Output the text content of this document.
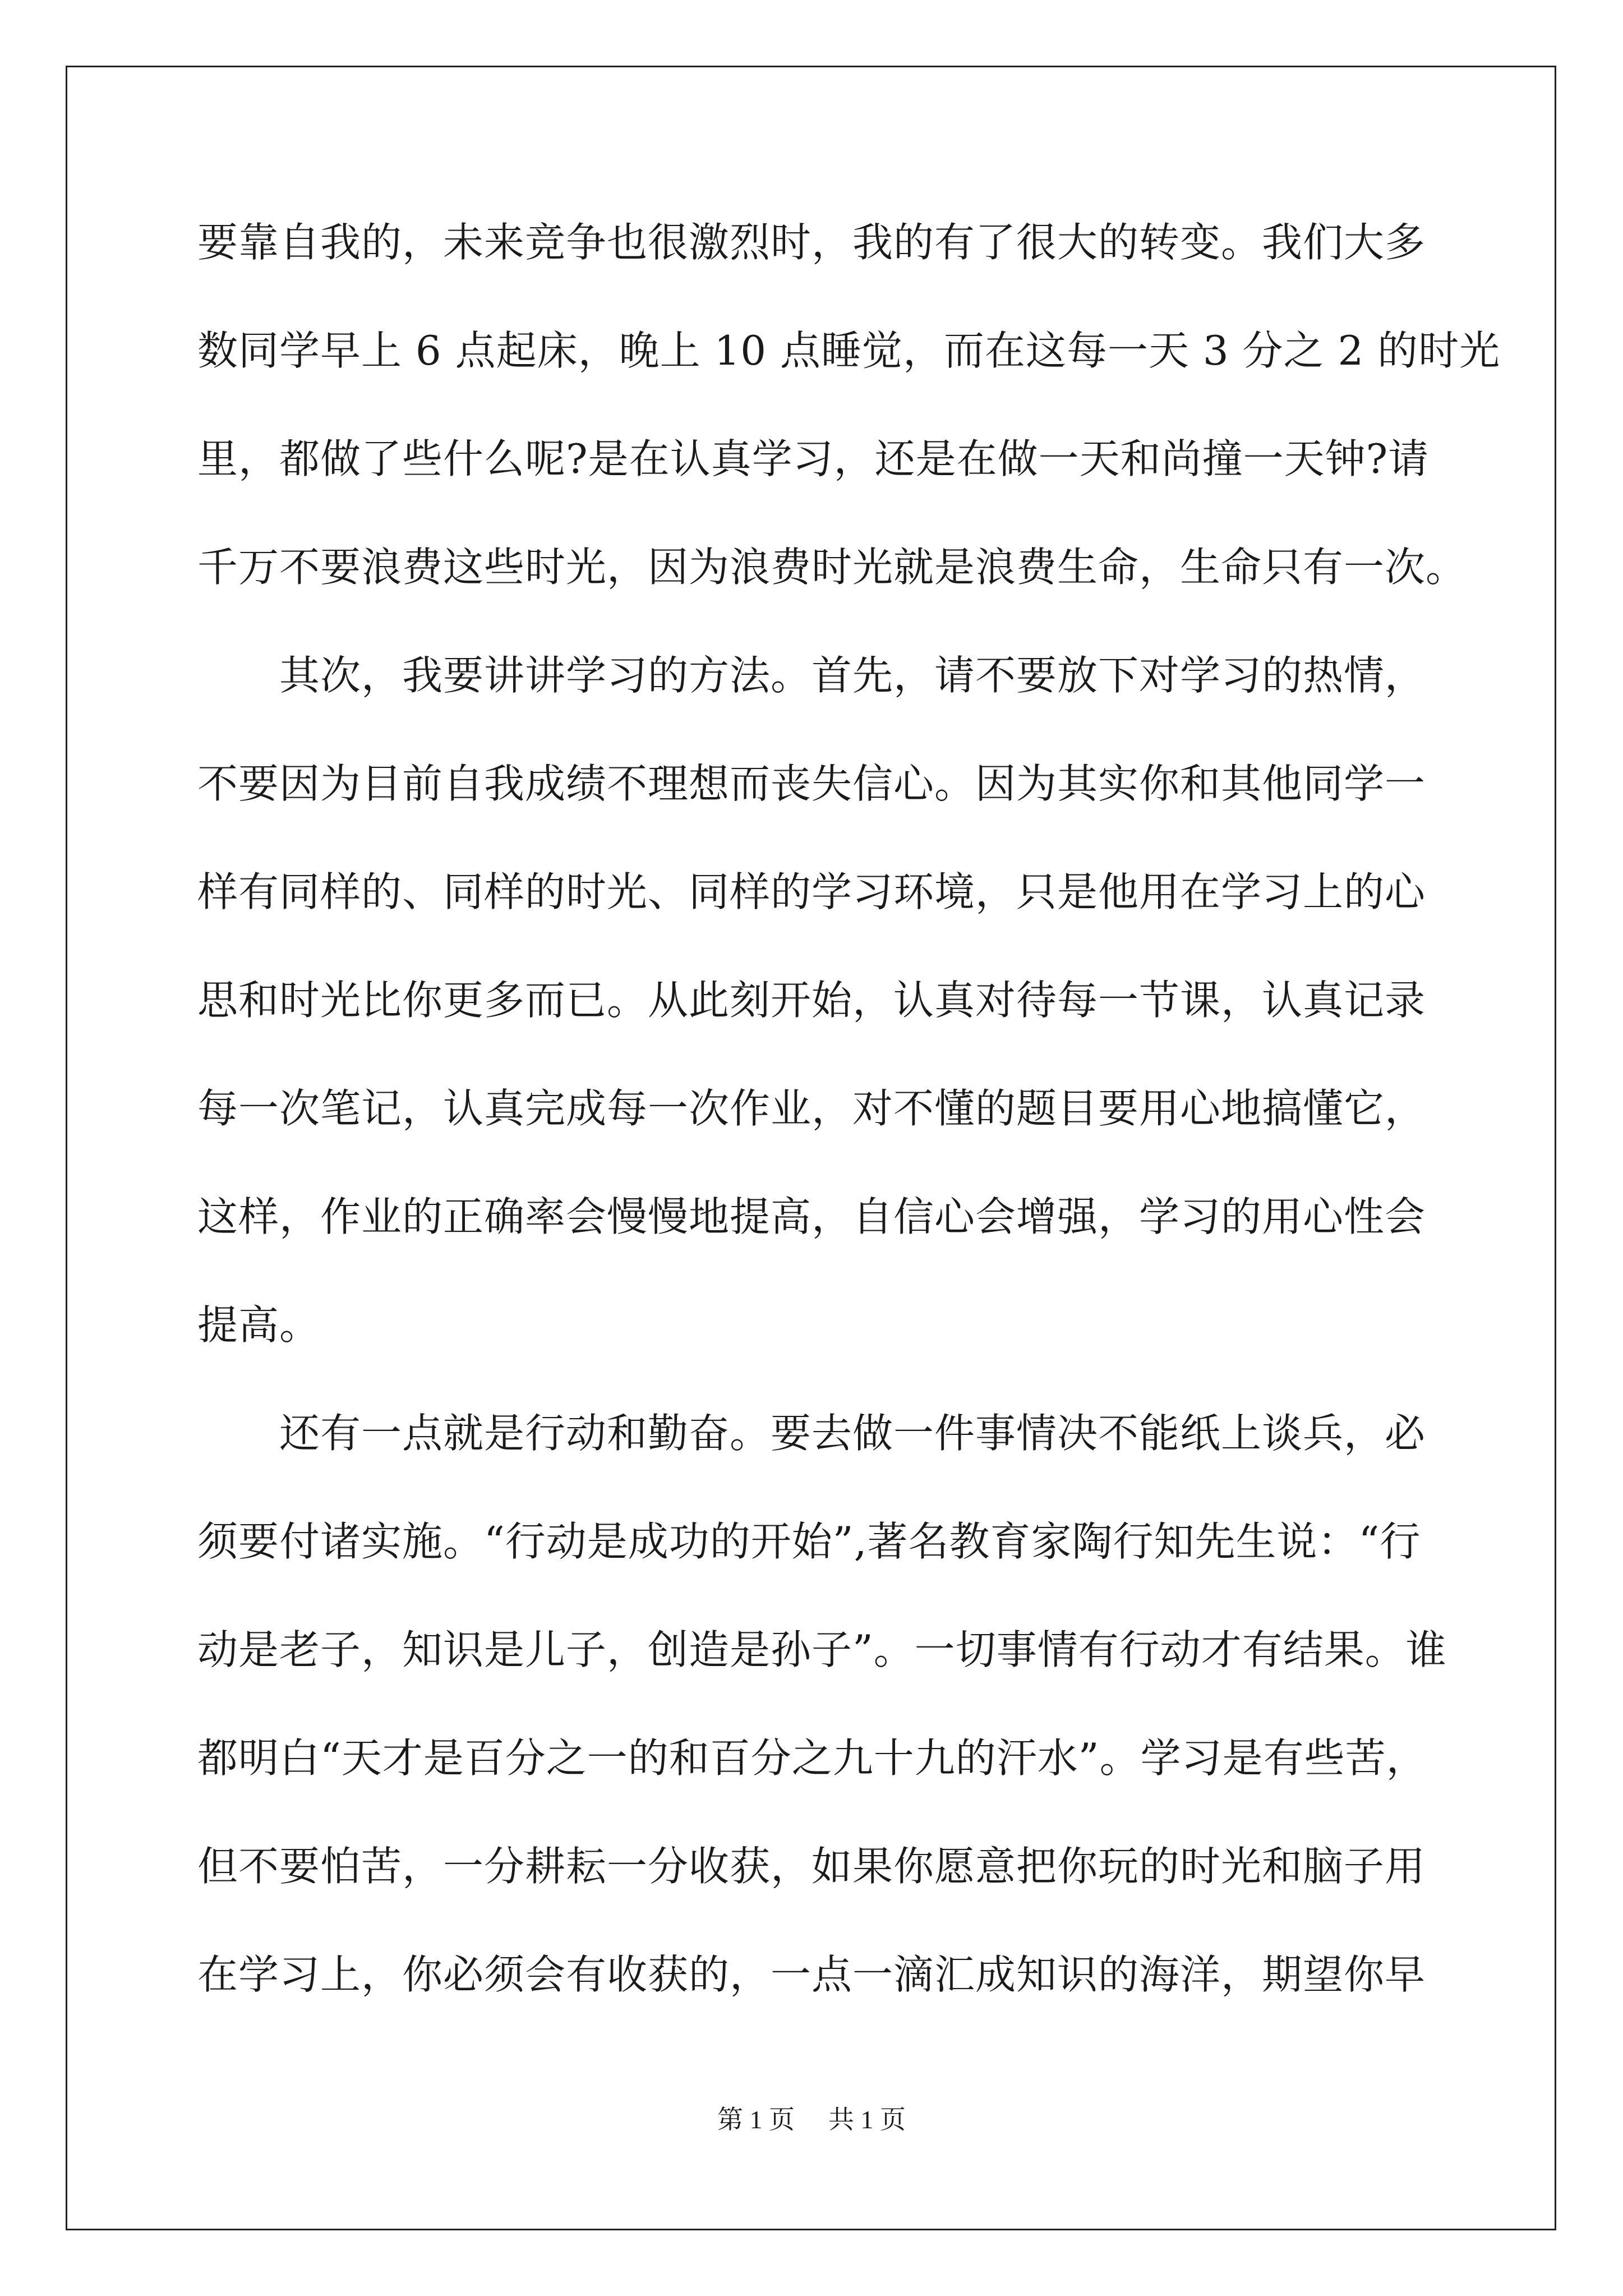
要靠自我的，未来竞争也很激烈时，我的有了很大的转变。我们大多
数同学早上 6 点起床，晚上 10 点睡觉，而在这每一天 3 分之 2 的时光
里，都做了些什么呢?是在认真学习，还是在做一天和尚撞一天钟?请
千万不要浪费这些时光，因为浪费时光就是浪费生命，生命只有一次。
　　其次，我要讲讲学习的方法。首先，请不要放下对学习的热情，
不要因为目前自我成绩不理想而丧失信心。因为其实你和其他同学一
样有同样的、同样的时光、同样的学习环境，只是他用在学习上的心
思和时光比你更多而已。从此刻开始，认真对待每一节课，认真记录
每一次笔记，认真完成每一次作业，对不懂的题目要用心地搞懂它，
这样，作业的正确率会慢慢地提高，自信心会增强，学习的用心性会
提高。
　　还有一点就是行动和勤奋。要去做一件事情决不能纸上谈兵，必
须要付诸实施。“行动是成功的开始”,著名教育家陶行知先生说：“行
动是老子，知识是儿子，创造是孙子”。一切事情有行动才有结果。谁
都明白“天才是百分之一的和百分之九十九的汗水”。学习是有些苦，
但不要怕苦，一分耕耘一分收获，如果你愿意把你玩的时光和脑子用
在学习上，你必须会有收获的，一点一滴汇成知识的海洋，期望你早
第 1 页 共 1 页
